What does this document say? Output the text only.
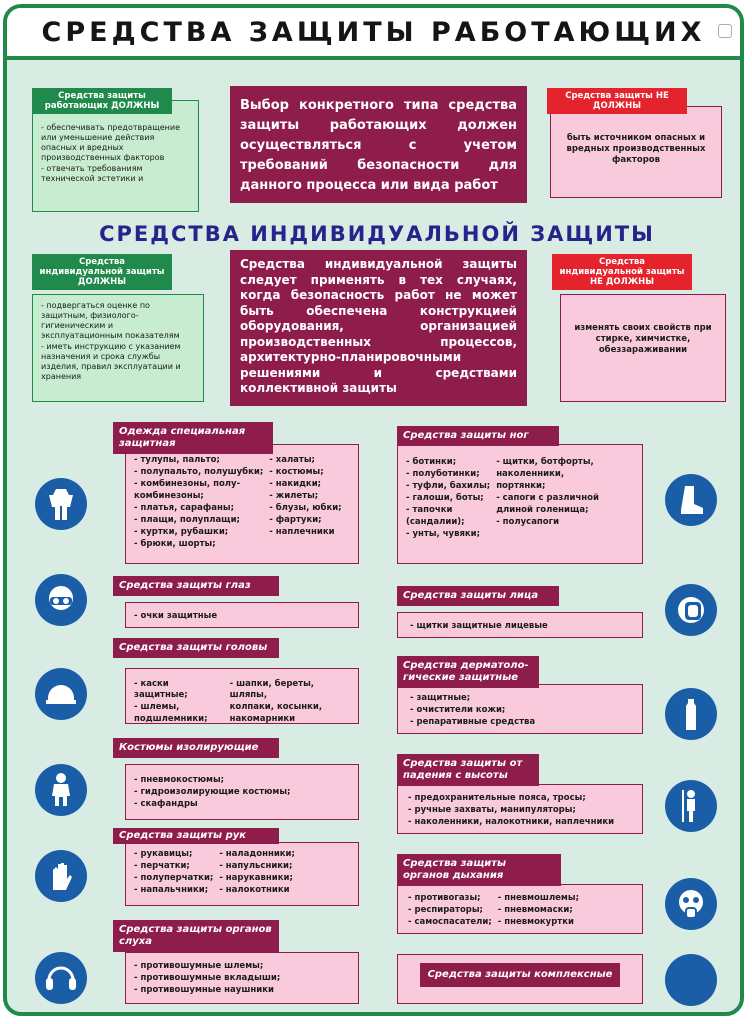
СРЕДСТВА ЗАЩИТЫ РАБОТАЮЩИХ
- обеспечивать предотвращение или уменьшение действия опасных и вредных производственных факторов
- отвечать требованиям технической эстетики и
Средства защиты работающих ДОЛЖНЫ	Выбор конкретного типа средства защиты работающих должен осуществляться с учетом требований безопасности для данного процесса или вида работ
быть источником опасных и вредных производственных факторов
Средства защиты НЕ ДОЛЖНЫ
СРЕДСТВА ИНДИВИДУАЛЬНОЙ ЗАЩИТЫ
- подвергаться оценке по защитным, физиолого-гигиеническим и эксплуатационным показателям
- иметь инструкцию с указанием назначения и срока службы изделия, правил эксплуатации и хранения
Средства индивидуальной защиты ДОЛЖНЫ
Средства индивидуальной защиты следует применять в тех случаях, когда безопасность работ не может быть обеспечена конструкцией оборудования, организацией производственных процессов, архитектурно-планировочными решениями и средствами коллективной защиты
изменять своих свойств при стирке, химчистке, обеззараживании
Средства индивидуальной защиты НЕ ДОЛЖНЫ
- тулупы, пальто;
- полупальто, полушубки;
- комбинезоны, полу-
комбинезоны;
- платья, сарафаны;
- плащи, полуплащи;
- куртки, рубашки;
- брюки, шорты;
- халаты;
- костюмы;
- накидки;
- жилеты;
- блузы, юбки;
- фартуки;
- наплечники
Одежда специальная защитная
- ботинки;
- полуботинки;
- туфли, бахилы;
- галоши, боты;
- тапочки
(сандалии);
- унты, чувяки;
- щитки, ботфорты,
наколенники,
портянки;
- сапоги с различной
длиной голенища;
- полусапоги
Средства защиты ног
- очки защитные
Средства защиты глаз
- щитки защитные лицевые
Средства защиты лица
- каски защитные;
- шлемы,
подшлемники;
- шапки, береты, шляпы,
колпаки, косынки,
накомарники
Средства защиты головы
- защитные;
- очистители кожи;
- репаративные средства
Средства дерматоло-гические защитные
- пневмокостюмы;
- гидроизолирующие костюмы;
- скафандры
Костюмы изолирующие
- предохранительные пояса, тросы;
- ручные захваты, манипуляторы;
- наколенники, налокотники, наплечники
Средства защиты от падения с высоты
- рукавицы;
- перчатки;
- полуперчатки;
- напальчники;
- наладонники;
- напульсники;
- нарукавники;
- налокотники
Средства защиты рук
- противогазы;
- респираторы;
- самоспасатели;
- пневмошлемы;
- пневмомаски;
- пневмокуртки
Средства защиты органов дыхания
- противошумные шлемы;
- противошумные вкладыши;
- противошумные наушники
Средства защиты органов слуха
Средства защиты комплексные
